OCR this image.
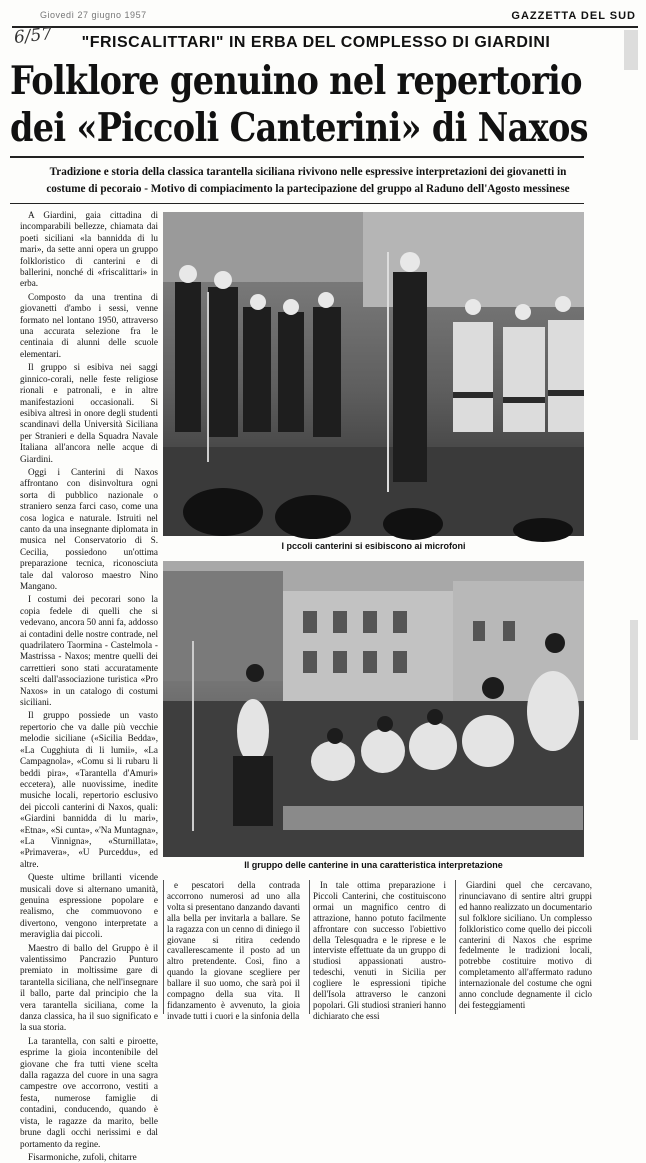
Giovedì 27 giugno 1957	GAZZETTA DEL SUD
6/57	"FRISCALITTARI" IN ERBA DEL COMPLESSO DI GIARDINI
Folklore genuino nel repertorio
dei «Piccoli Canterini» di Naxos
Tradizione e storia della classica tarantella siciliana rivivono nelle espressive interpretazioni dei giovanetti in costume di pecoraio - Motivo di compiacimento la partecipazione del gruppo al Raduno dell'Agosto messinese

A Giardini, gaia cittadina di incomparabili bellezze, chiamata dai poeti siciliani «la bannidda di lu mari», da sette anni opera un gruppo folkloristico di canterini e di ballerini, nonché di «friscalittari» in erba.

Composto da una trentina di giovanetti d'ambo i sessi, venne formato nel lontano 1950, attraverso una accurata selezione fra le centinaia di alunni delle scuole elementari.

Il gruppo si esibiva nei saggi ginnico-corali, nelle feste religiose rionali e patronali, e in altre manifestazioni occasionali. Si esibiva altresì in onore degli studenti scandinavi della Università Siciliana per Stranieri e della Squadra Navale Italiana all'ancora nelle acque di Giardini.

Oggi i Canterini di Naxos affrontano con disinvoltura ogni sorta di pubblico nazionale o straniero senza farci caso, come una cosa logica e naturale. Istruiti nel canto da una insegnante diplomata in musica nel Conservatorio di S. Cecilia, possiedono un'ottima preparazione tecnica, riconosciuta tale dal valoroso maestro Nino Mangano.

I costumi dei pecorari sono la copia fedele di quelli che si vedevano, ancora 50 anni fa, addosso ai contadini delle nostre contrade, nel quadrilatero Taormina - Castelmola - Mastrissa - Naxos; mentre quelli dei carrettieri sono stati accuratamente scelti dall'associazione turistica «Pro Naxos» in un catalogo di costumi siciliani.

Il gruppo possiede un vasto repertorio che va dalle più vecchie melodie siciliane («Sicilia Bedda», «La Cugghiuta di li lumii», «La Campagnola», «Comu si li rubaru li beddi pira», «Tarantella d'Amuri» eccetera), alle nuovissime, inedite musiche locali, repertorio esclusivo dei piccoli canterini di Naxos, quali: «Giardini bannidda di lu mari», «Etna», «Si cunta», «'Na Muntagna», «La Vinnigna», «Sturnillata», «Primavera», «U Purceddu», ed altre.

Queste ultime brillanti vicende musicali dove si alternano umanità, genuina espressione popolare e realismo, che commuovono e divertono, vengono interpretate a meraviglia dai piccoli.

Maestro di ballo del Gruppo è il valentissimo Pancrazio Punturo premiato in moltissime gare di tarantella siciliana, che nell'insegnare il ballo, parte dal principio che la vera tarantella siciliana, come la danza classica, ha il suo significato e la sua storia.

La tarantella, con salti e piroette, esprime la gioia incontenibile del giovane che fra tutti viene scelta dalla ragazza del cuore in una sagra campestre ove accorrono, vestiti a festa, numerose famiglie di contadini, conducendo, quando è vista, le ragazze da marito, belle brune dagli occhi nerissimi e dal portamento da regine.

Fisarmoniche, zufoli, chitarre

I pccoli canterini si esibiscono ai microfoni
Il gruppo delle canterine in una caratteristica interpretazione

e pescatori della contrada accorrono numerosi ad uno alla volta si presentano danzando davanti alla bella per invitarla a ballare. Se la ragazza con un cenno di diniego il giovane si ritira cedendo cavallerescamente il posto ad un altro pretendente. Così, fino a quando la giovane scegliere per ballare il suo uomo, che sarà poi il compagno della sua vita. Il fidanzamento è avvenuto, la gioia invade tutti i cuori e la sinfonia della

In tale ottima preparazione i Piccoli Canterini, che costituiscono ormai un magnifico centro di attrazione, hanno potuto facilmente affrontare con successo l'obiettivo della Telesquadra e le riprese e le interviste effettuate da un gruppo di studiosi appassionati austro-tedeschi, venuti in Sicilia per cogliere le espressioni tipiche dell'Isola attraverso le canzoni popolari. Gli studiosi stranieri hanno dichiarato che essi

Giardini quel che cercavano, rinunciavano di sentire altri gruppi ed hanno realizzato un documentario sul folklore siciliano. Un complesso folkloristico come quello dei piccoli canterini di Naxos che esprime fedelmente le tradizioni locali, potrebbe costituire motivo di completamento all'affermato raduno internazionale del costume che ogni anno conclude degnamente il ciclo dei festeggiamenti
